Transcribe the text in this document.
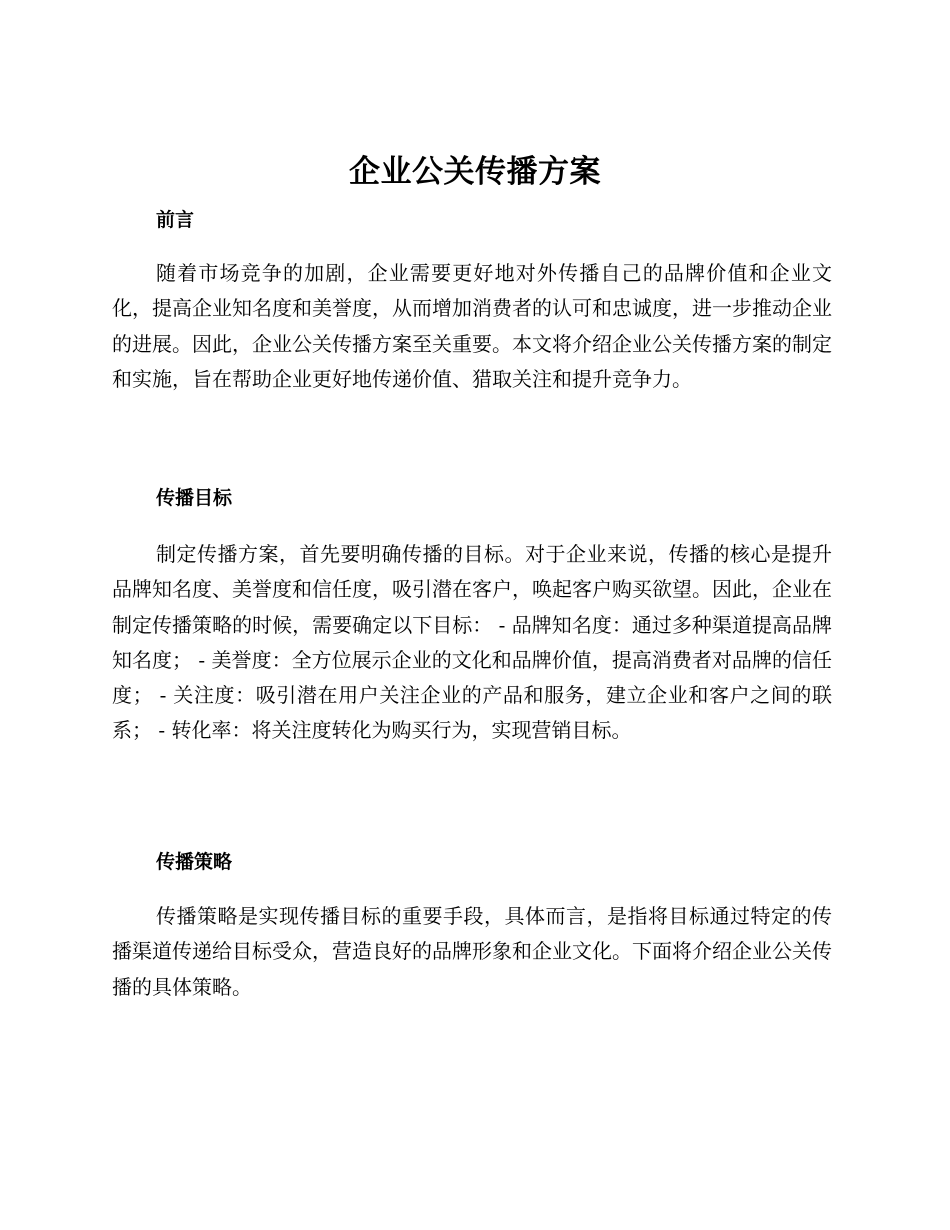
企业公关传播方案
前言

随着市场竞争的加剧，企业需要更好地对外传播自己的品牌价值和企业文化，提高企业知名度和美誉度，从而增加消费者的认可和忠诚度，进一步推动企业的进展。因此，企业公关传播方案至关重要。本文将介绍企业公关传播方案的制定和实施，旨在帮助企业更好地传递价值、猎取关注和提升竞争力。

传播目标

制定传播方案，首先要明确传播的目标。对于企业来说，传播的核心是提升品牌知名度、美誉度和信任度，吸引潜在客户，唤起客户购买欲望。因此，企业在制定传播策略的时候，需要确定以下目标： - 品牌知名度：通过多种渠道提高品牌知名度； - 美誉度：全方位展示企业的文化和品牌价值，提高消费者对品牌的信任度； - 关注度：吸引潜在用户关注企业的产品和服务，建立企业和客户之间的联系； - 转化率：将关注度转化为购买行为，实现营销目标。

传播策略

传播策略是实现传播目标的重要手段，具体而言，是指将目标通过特定的传播渠道传递给目标受众，营造良好的品牌形象和企业文化。下面将介绍企业公关传播的具体策略。
